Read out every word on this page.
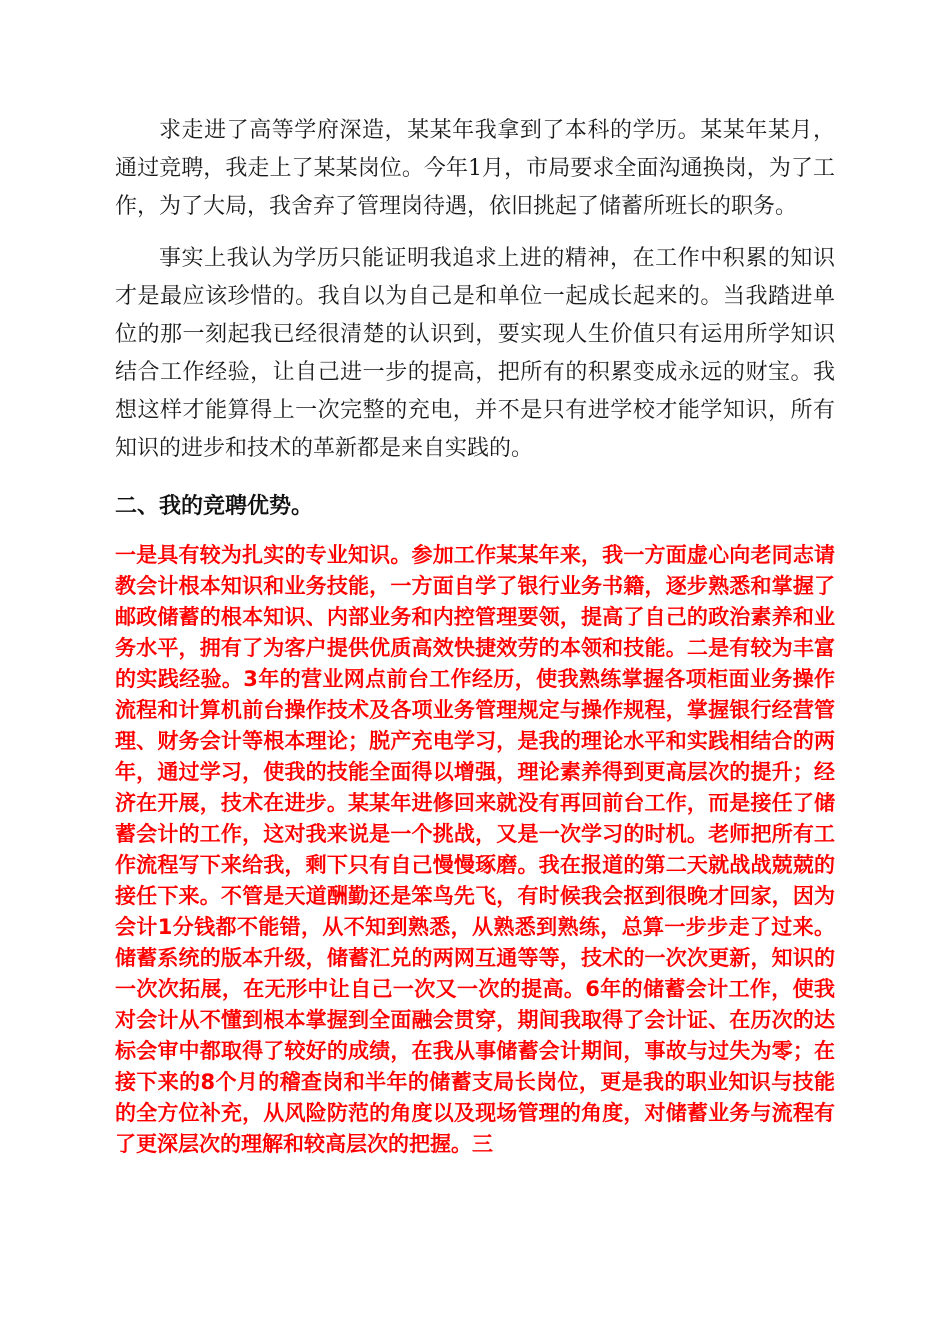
求走进了高等学府深造，某某年我拿到了本科的学历。某某年某月，通过竞聘，我走上了某某岗位。今年1月，市局要求全面沟通换岗，为了工作，为了大局，我舍弃了管理岗待遇，依旧挑起了储蓄所班长的职务。

事实上我认为学历只能证明我追求上进的精神，在工作中积累的知识才是最应该珍惜的。我自以为自己是和单位一起成长起来的。当我踏进单位的那一刻起我已经很清楚的认识到，要实现人生价值只有运用所学知识结合工作经验，让自己进一步的提高，把所有的积累变成永远的财宝。我想这样才能算得上一次完整的充电，并不是只有进学校才能学知识，所有知识的进步和技术的革新都是来自实践的。

二、我的竞聘优势。

一是具有较为扎实的专业知识。参加工作某某年来，我一方面虚心向老同志请教会计根本知识和业务技能，一方面自学了银行业务书籍，逐步熟悉和掌握了邮政储蓄的根本知识、内部业务和内控管理要领，提高了自己的政治素养和业务水平，拥有了为客户提供优质高效快捷效劳的本领和技能。二是有较为丰富的实践经验。3年的营业网点前台工作经历，使我熟练掌握各项柜面业务操作流程和计算机前台操作技术及各项业务管理规定与操作规程，掌握银行经营管理、财务会计等根本理论；脱产充电学习，是我的理论水平和实践相结合的两年，通过学习，使我的技能全面得以增强，理论素养得到更高层次的提升；经济在开展，技术在进步。某某年进修回来就没有再回前台工作，而是接任了储蓄会计的工作，这对我来说是一个挑战，又是一次学习的时机。老师把所有工作流程写下来给我，剩下只有自己慢慢琢磨。我在报道的第二天就战战兢兢的接任下来。不管是天道酬勤还是笨鸟先飞，有时候我会抠到很晚才回家，因为会计1分钱都不能错，从不知到熟悉，从熟悉到熟练，总算一步步走了过来。储蓄系统的版本升级，储蓄汇兑的两网互通等等，技术的一次次更新，知识的一次次拓展，在无形中让自己一次又一次的提高。6年的储蓄会计工作，使我对会计从不懂到根本掌握到全面融会贯穿，期间我取得了会计证、在历次的达标会审中都取得了较好的成绩，在我从事储蓄会计期间，事故与过失为零；在接下来的8个月的稽查岗和半年的储蓄支局长岗位，更是我的职业知识与技能的全方位补充，从风险防范的角度以及现场管理的角度，对储蓄业务与流程有了更深层次的理解和较高层次的把握。三
